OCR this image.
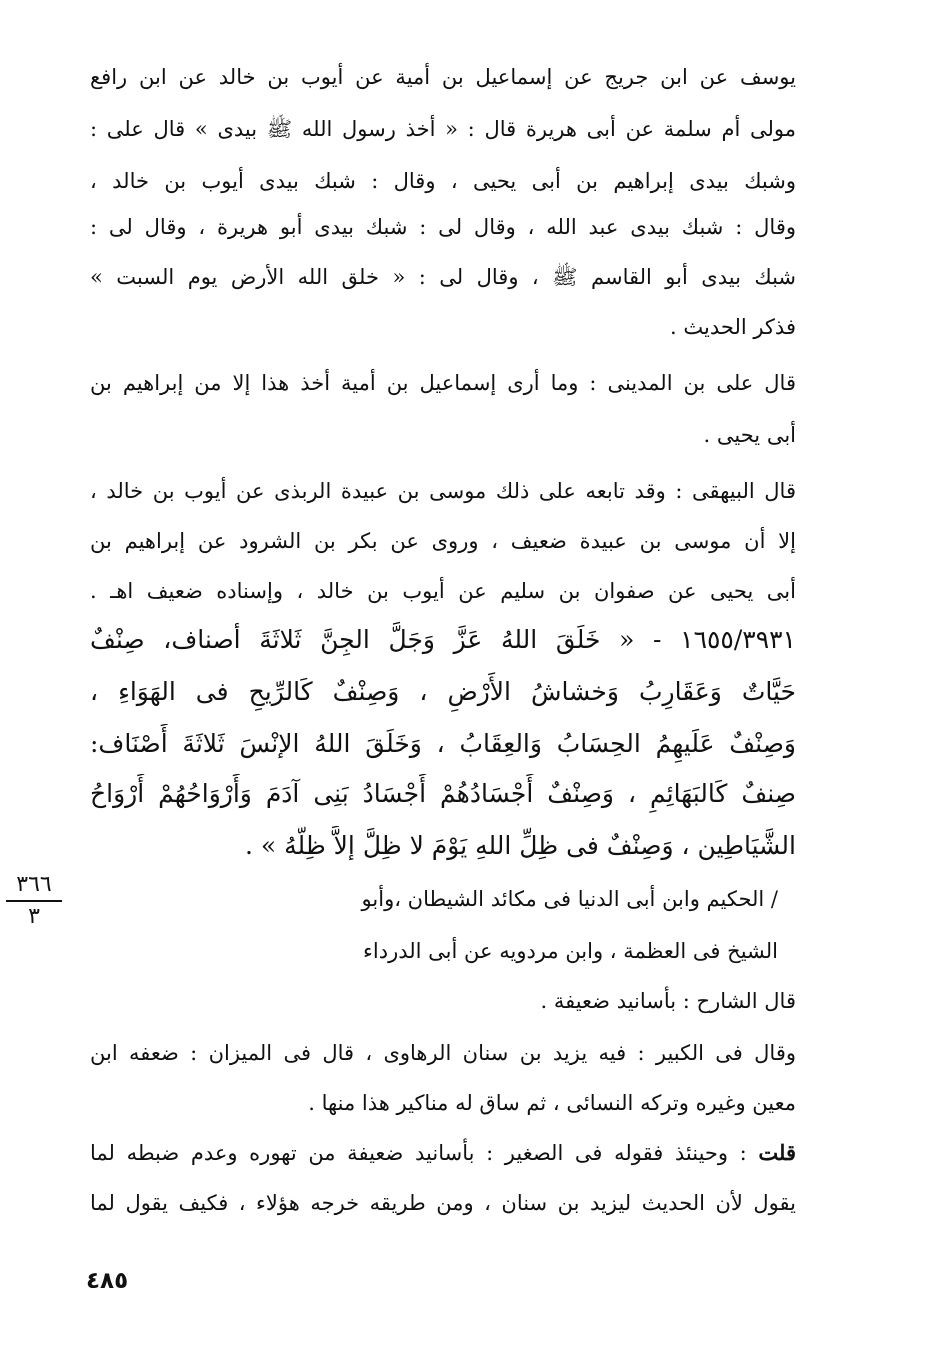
يوسف عن ابن جريج عن إسماعيل بن أمية عن أيوب بن خالد عن ابن رافع
مولى أم سلمة عن أبى هريرة قال : « أخذ رسول الله ﷺ بيدى » قال على :
وشبك بيدى إبراهيم بن أبى يحيى ، وقال : شبك بيدى أيوب بن خالد ،
وقال : شبك بيدى عبد الله ، وقال لى : شبك بيدى أبو هريرة ، وقال لى :
شبك بيدى أبو القاسم ﷺ ، وقال لى : « خلق الله الأرض يوم السبت »
فذكر الحديث .
قال على بن المدينى : وما أرى إسماعيل بن أمية أخذ هذا إلا من إبراهيم بن
أبى يحيى .
قال البيهقى : وقد تابعه على ذلك موسى بن عبيدة الربذى عن أيوب بن خالد ،
إلا أن موسى بن عبيدة ضعيف ، وروى عن بكر بن الشرود عن إبراهيم بن
أبى يحيى عن صفوان بن سليم عن أيوب بن خالد ، وإسناده ضعيف اهـ .
١٦٥٥/٣٩٣١ - « خَلَقَ اللهُ عَزَّ وَجَلَّ الجِنَّ ثَلاثَةَ أصناف، صِنْفٌ
حَيَّاتٌ وَعَقَارِبُ وَخشاشُ الأَرْضِ ، وَصِنْفٌ كَالرِّيحِ فى الهَوَاءِ ،
وَصِنْفٌ عَلَيهِمُ الحِسَابُ وَالعِقَابُ ، وَخَلَقَ اللهُ الإنْسَ ثَلاثَةَ أَصْنَاف:
صِنفٌ كَالبَهَائِمِ ، وَصِنْفٌ أَجْسَادُهُمْ أَجْسَادُ بَنِى آدَمَ وَأَرْوَاحُهُمْ أَرْوَاحُ
الشَّيَاطِين ، وَصِنْفٌ فى ظِلِّ اللهِ يَوْمَ لا ظِلَّ إلاَّ ظِلُّهُ » .
/ الحكيم وابن أبى الدنيا فى مكائد الشيطان ،وأبو
الشيخ فى العظمة ، وابن مردويه عن أبى الدرداء
قال الشارح : بأسانيد ضعيفة .
وقال فى الكبير : فيه يزيد بن سنان الرهاوى ، قال فى الميزان : ضعفه ابن
معين وغيره وتركه النسائى ، ثم ساق له مناكير هذا منها .
قلت : وحينئذ فقوله فى الصغير : بأسانيد ضعيفة من تهوره وعدم ضبطه لما
يقول لأن الحديث ليزيد بن سنان ، ومن طريقه خرجه هؤلاء ، فكيف يقول لما
٣٦٦
٣
٤٨٥
